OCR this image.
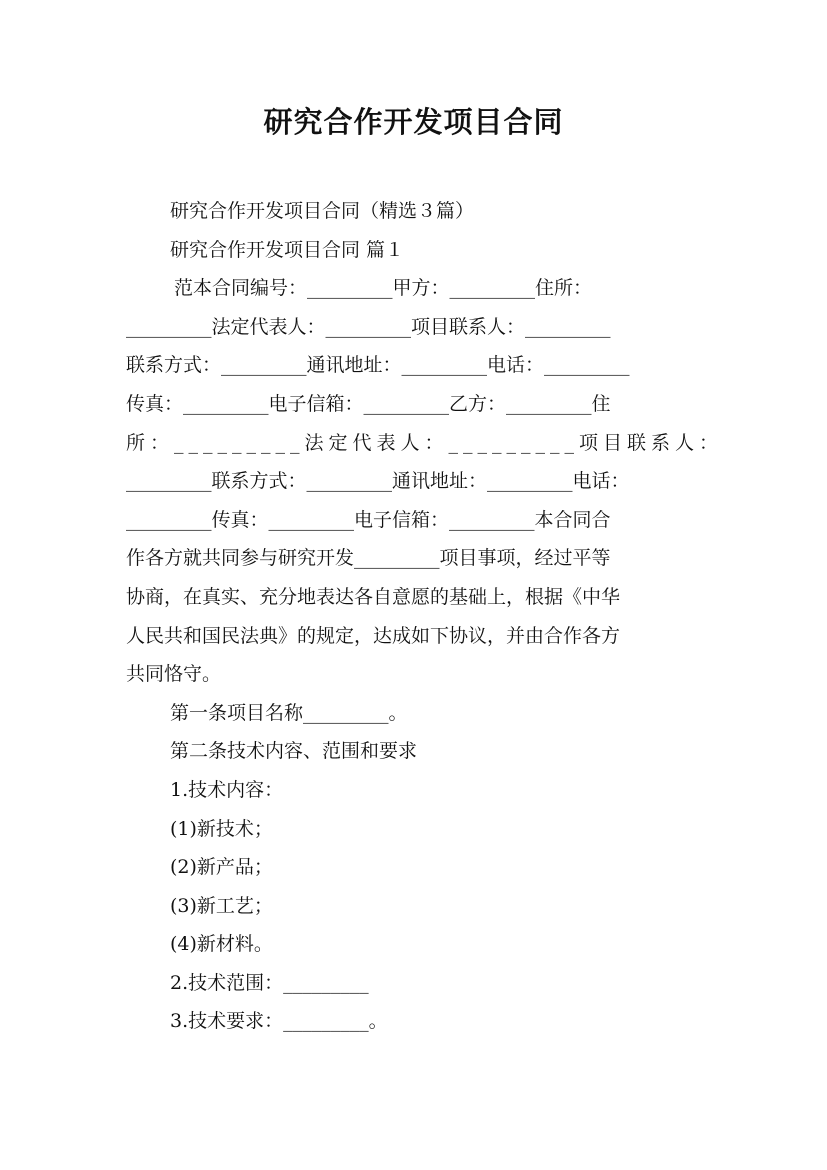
研究合作开发项目合同

研究合作开发项目合同（精选３篇）

研究合作开发项目合同 篇１

范本合同编号：_________甲方：_________住所：

_________法定代表人：_________项目联系人：_________

联系方式：_________通讯地址：_________电话：_________

传真：_________电子信箱：_________乙方：_________住

所：_________法定代表人：_________项目联系人：

_________联系方式：_________通讯地址：_________电话：

_________传真：_________电子信箱：_________本合同合

作各方就共同参与研究开发_________项目事项，经过平等

协商，在真实、充分地表达各自意愿的基础上，根据《中华

人民共和国民法典》的规定，达成如下协议，并由合作各方

共同恪守。

第一条项目名称_________。

第二条技术内容、范围和要求

1.技术内容：

(1)新技术；

(2)新产品；

(3)新工艺；

(4)新材料。

2.技术范围：_________

3.技术要求：_________。
